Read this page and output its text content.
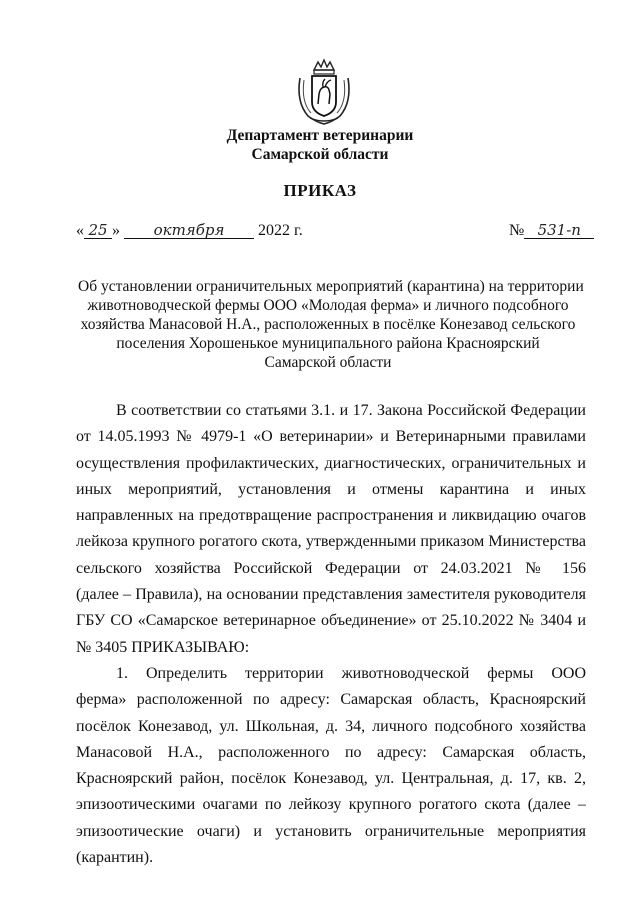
Департамент ветеринарии
Самарской области
ПРИКАЗ
« 25 » октября 2022 г.	№ 531-п
Об установлении ограничительных мероприятий (карантина) на территории
животноводческой фермы ООО «Молодая ферма» и личного подсобного
хозяйства Манасовой Н.А., расположенных в посёлке Конезавод сельского
поселения Хорошенькое муниципального района Красноярский
Самарской области
В соответствии со статьями 3.1. и 17. Закона Российской Федерации
от 14.05.1993 № 4979-1 «О ветеринарии» и Ветеринарными правилами
осуществления профилактических, диагностических, ограничительных и
иных мероприятий, установления и отмены карантина и иных
направленных на предотвращение распространения и ликвидацию очагов
лейкоза крупного рогатого скота, утвержденными приказом Министерства
сельского хозяйства Российской Федерации от 24.03.2021 № 156
(далее – Правила), на основании представления заместителя руководителя
ГБУ СО «Самарское ветеринарное объединение» от 25.10.2022 № 3404 и
№ 3405 ПРИКАЗЫВАЮ:
1. Определить территории животноводческой фермы ООО
ферма» расположенной по адресу: Самарская область, Красноярский
посёлок Конезавод, ул. Школьная, д. 34, личного подсобного хозяйства
Манасовой Н.А., расположенного по адресу: Самарская область,
Красноярский район, посёлок Конезавод, ул. Центральная, д. 17, кв. 2,
эпизоотическими очагами по лейкозу крупного рогатого скота (далее –
эпизоотические очаги) и установить ограничительные мероприятия
(карантин).
